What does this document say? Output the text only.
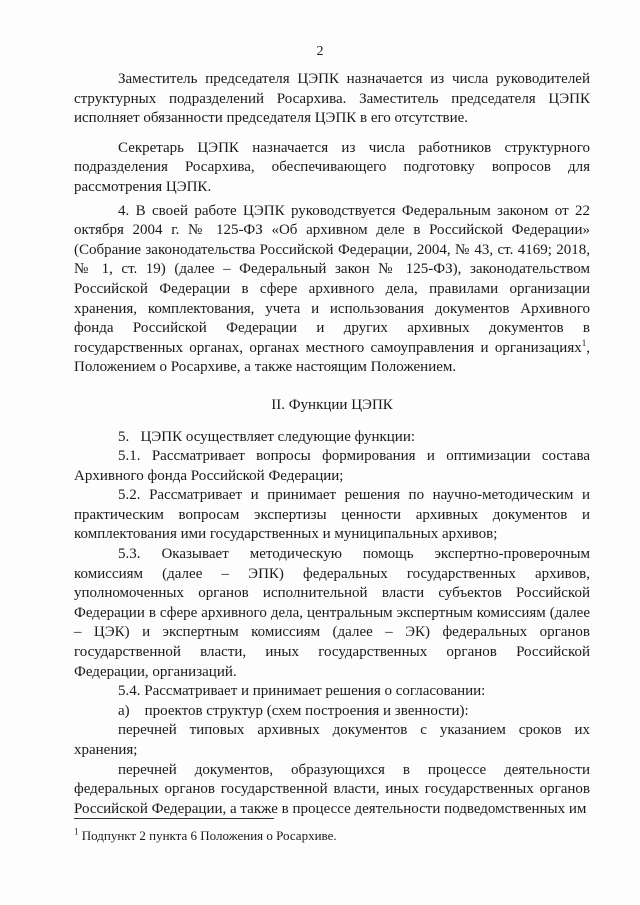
2

Заместитель председателя ЦЭПК назначается из числа руководителей структурных подразделений Росархива. Заместитель председателя ЦЭПК исполняет обязанности председателя ЦЭПК в его отсутствие.

Секретарь ЦЭПК назначается из числа работников структурного подразделения Росархива, обеспечивающего подготовку вопросов для рассмотрения ЦЭПК.

4. В своей работе ЦЭПК руководствуется Федеральным законом от 22 октября 2004 г. № 125-ФЗ «Об архивном деле в Российской Федерации» (Собрание законодательства Российской Федерации, 2004, № 43, ст. 4169; 2018, № 1, ст. 19) (далее – Федеральный закон № 125-ФЗ), законодательством Российской Федерации в сфере архивного дела, правилами организации хранения, комплектования, учета и использования документов Архивного фонда Российской Федерации и других архивных документов в государственных органах, органах местного самоуправления и организациях$^1$, Положением о Росархиве, а также настоящим Положением.

II. Функции ЦЭПК

5.   ЦЭПК осуществляет следующие функции:

5.1. Рассматривает вопросы формирования и оптимизации состава Архивного фонда Российской Федерации;

5.2. Рассматривает и принимает решения по научно-методическим и практическим вопросам экспертизы ценности архивных документов и комплектования ими государственных и муниципальных архивов;

5.3. Оказывает методическую помощь экспертно-проверочным комиссиям (далее – ЭПК) федеральных государственных архивов, уполномоченных органов исполнительной власти субъектов Российской Федерации в сфере архивного дела, центральным экспертным комиссиям (далее – ЦЭК) и экспертным комиссиям (далее – ЭК) федеральных органов государственной власти, иных государственных органов Российской Федерации, организаций.

5.4. Рассматривает и принимает решения о согласовании:

а)    проектов структур (схем построения и звенности):

перечней типовых архивных документов с указанием сроков их хранения;

перечней документов, образующихся в процессе деятельности федеральных органов государственной власти, иных государственных органов Российской Федерации, а также в процессе деятельности подведомственных им

$^1$ Подпункт 2 пункта 6 Положения о Росархиве.
